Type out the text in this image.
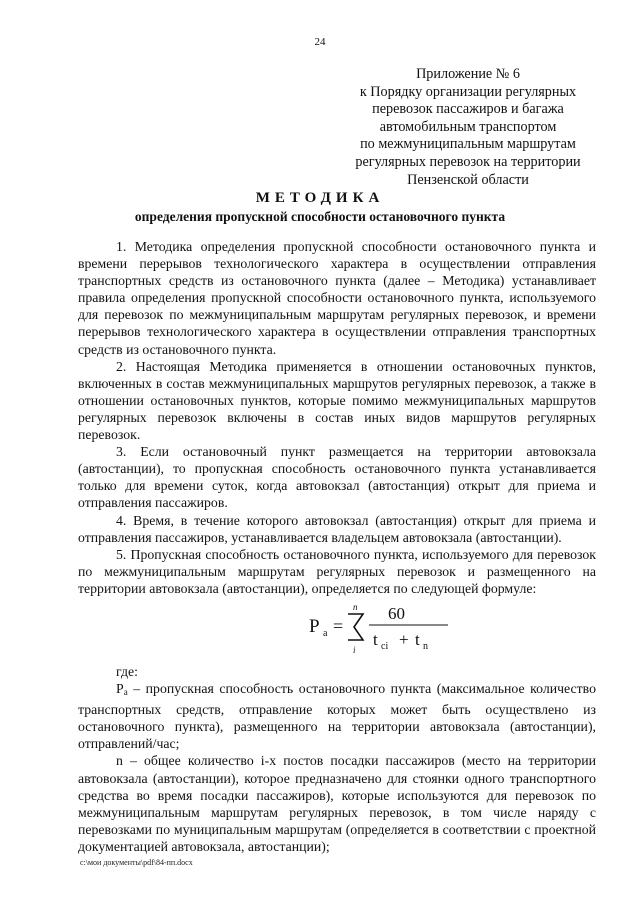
24
Приложение № 6
к Порядку организации регулярных
перевозок пассажиров и багажа
автомобильным транспортом
по межмуниципальным маршрутам
регулярных перевозок на территории
Пензенской области
МЕТОДИКА
определения пропускной способности остановочного пункта

1. Методика определения пропускной способности остановочного пункта и времени перерывов технологического характера в осуществлении отправления транспортных средств из остановочного пункта (далее – Методика) устанавливает правила определения пропускной способности остановочного пункта, используемого для перевозок по межмуниципальным маршрутам регулярных перевозок, и времени перерывов технологического характера в осуществлении отправления транспортных средств из остановочного пункта.

2. Настоящая Методика применяется в отношении остановочных пунктов, включенных в состав межмуниципальных маршрутов регулярных перевозок, а также в отношении остановочных пунктов, которые помимо межмуниципальных маршрутов регулярных перевозок включены в состав иных видов маршрутов регулярных перевозок.

3. Если остановочный пункт размещается на территории автовокзала (автостанции), то пропускная способность остановочного пункта устанавливается только для времени суток, когда автовокзал (автостанция) открыт для приема и отправления пассажиров.

4. Время, в течение которого автовокзал (автостанция) открыт для приема и отправления пассажиров, устанавливается владельцем автовокзала (автостанции).

5. Пропускная способность остановочного пункта, используемого для перевозок по межмуниципальным маршрутам регулярных перевозок и размещенного на территории автовокзала (автостанции), определяется по следующей формуле:

P a =
n
i
60
t ci + t n

где:

$P_a$ – пропускная способность остановочного пункта (максимальное количество транспортных средств, отправление которых может быть осуществлено из остановочного пункта), размещенного на территории автовокзала (автостанции), отправлений/час;

n – общее количество i-х постов посадки пассажиров (место на территории автовокзала (автостанции), которое предназначено для стоянки одного транспортного средства во время посадки пассажиров), которые используются для перевозок по межмуниципальным маршрутам регулярных перевозок, в том числе наряду с перевозками по муниципальным маршрутам (определяется в соответствии с проектной документацией автовокзала, автостанции);

c:\мои документы\pdf\84-пп.docx
